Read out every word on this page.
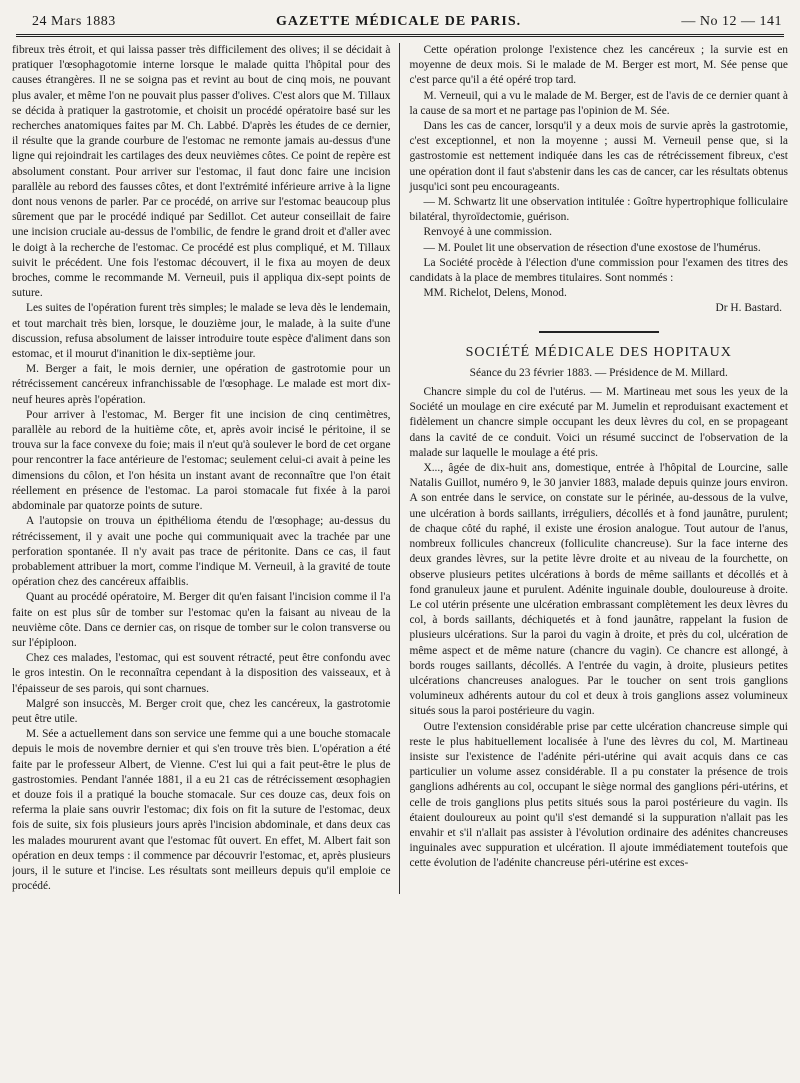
24 Mars 1883	GAZETTE MÉDICALE DE PARIS.	— No 12 — 141

fibreux très étroit, et qui laissa passer très difficilement des olives; il se décidait à pratiquer l'œsophagotomie interne lorsque le malade quitta l'hôpital pour des causes étrangères. Il ne se soigna pas et revint au bout de cinq mois, ne pouvant plus avaler, et même l'on ne pouvait plus passer d'olives. C'est alors que M. Tillaux se décida à pratiquer la gastrotomie, et choisit un procédé opératoire basé sur les recherches anatomiques faites par M. Ch. Labbé. D'après les études de ce dernier, il résulte que la grande courbure de l'estomac ne remonte jamais au-dessus d'une ligne qui rejoindrait les cartilages des deux neuvièmes côtes. Ce point de repère est absolument constant. Pour arriver sur l'estomac, il faut donc faire une incision parallèle au rebord des fausses côtes, et dont l'extrémité inférieure arrive à la ligne dont nous venons de parler. Par ce procédé, on arrive sur l'estomac beaucoup plus sûrement que par le procédé indiqué par Sedillot. Cet auteur conseillait de faire une incision cruciale au-dessus de l'ombilic, de fendre le grand droit et d'aller avec le doigt à la recherche de l'estomac. Ce procédé est plus compliqué, et M. Tillaux suivit le précédent. Une fois l'estomac découvert, il le fixa au moyen de deux broches, comme le recommande M. Verneuil, puis il appliqua dix-sept points de suture.

Les suites de l'opération furent très simples; le malade se leva dès le lendemain, et tout marchait très bien, lorsque, le douzième jour, le malade, à la suite d'une discussion, refusa absolument de laisser introduire toute espèce d'aliment dans son estomac, et il mourut d'inanition le dix-septième jour.

M. Berger a fait, le mois dernier, une opération de gastrotomie pour un rétrécissement cancéreux infranchissable de l'œsophage. Le malade est mort dix-neuf heures après l'opération.

Pour arriver à l'estomac, M. Berger fit une incision de cinq centimètres, parallèle au rebord de la huitième côte, et, après avoir incisé le péritoine, il se trouva sur la face convexe du foie; mais il n'eut qu'à soulever le bord de cet organe pour rencontrer la face antérieure de l'estomac; seulement celui-ci avait à peine les dimensions du côlon, et l'on hésita un instant avant de reconnaître que l'on était réellement en présence de l'estomac. La paroi stomacale fut fixée à la paroi abdominale par quatorze points de suture.

A l'autopsie on trouva un épithélioma étendu de l'œsophage; au-dessus du rétrécissement, il y avait une poche qui communiquait avec la trachée par une perforation spontanée. Il n'y avait pas trace de péritonite. Dans ce cas, il faut probablement attribuer la mort, comme l'indique M. Verneuil, à la gravité de toute opération chez des cancéreux affaiblis.

Quant au procédé opératoire, M. Berger dit qu'en faisant l'incision comme il l'a faite on est plus sûr de tomber sur l'estomac qu'en la faisant au niveau de la neuvième côte. Dans ce dernier cas, on risque de tomber sur le colon transverse ou sur l'épiploon.

Chez ces malades, l'estomac, qui est souvent rétracté, peut être confondu avec le gros intestin. On le reconnaîtra cependant à la disposition des vaisseaux, et à l'épaisseur de ses parois, qui sont charnues.

Malgré son insuccès, M. Berger croit que, chez les cancéreux, la gastrotomie peut être utile.

M. Sée a actuellement dans son service une femme qui a une bouche stomacale depuis le mois de novembre dernier et qui s'en trouve très bien. L'opération a été faite par le professeur Albert, de Vienne. C'est lui qui a fait peut-être le plus de gastrostomies. Pendant l'année 1881, il a eu 21 cas de rétrécissement œsophagien et douze fois il a pratiqué la bouche stomacale. Sur ces douze cas, deux fois on referma la plaie sans ouvrir l'estomac; dix fois on fit la suture de l'estomac, deux fois de suite, six fois plusieurs jours après l'incision abdominale, et dans deux cas les malades moururent avant que l'estomac fût ouvert. En effet, M. Albert fait son opération en deux temps : il commence par découvrir l'estomac, et, après plusieurs jours, il le suture et l'incise. Les résultats sont meilleurs depuis qu'il emploie ce procédé.

Cette opération prolonge l'existence chez les cancéreux ; la survie est en moyenne de deux mois. Si le malade de M. Berger est mort, M. Sée pense que c'est parce qu'il a été opéré trop tard.

M. Verneuil, qui a vu le malade de M. Berger, est de l'avis de ce dernier quant à la cause de sa mort et ne partage pas l'opinion de M. Sée.

Dans les cas de cancer, lorsqu'il y a deux mois de survie après la gastrotomie, c'est exceptionnel, et non la moyenne ; aussi M. Verneuil pense que, si la gastrostomie est nettement indiquée dans les cas de rétrécissement fibreux, c'est une opération dont il faut s'abstenir dans les cas de cancer, car les résultats obtenus jusqu'ici sont peu encourageants.

— M. Schwartz lit une observation intitulée : Goître hypertrophique folliculaire bilatéral, thyroïdectomie, guérison.

Renvoyé à une commission.

— M. Poulet lit une observation de résection d'une exostose de l'humérus.

La Société procède à l'élection d'une commission pour l'examen des titres des candidats à la place de membres titulaires. Sont nommés :

MM. Richelot, Delens, Monod.

Dr H. Bastard.

SOCIÉTÉ MÉDICALE DES HOPITAUX
Séance du 23 février 1883. — Présidence de M. Millard.

Chancre simple du col de l'utérus. — M. Martineau met sous les yeux de la Société un moulage en cire exécuté par M. Jumelin et reproduisant exactement et fidèlement un chancre simple occupant les deux lèvres du col, en se propageant dans la cavité de ce conduit. Voici un résumé succinct de l'observation de la malade sur laquelle le moulage a été pris.

X..., âgée de dix-huit ans, domestique, entrée à l'hôpital de Lourcine, salle Natalis Guillot, numéro 9, le 30 janvier 1883, malade depuis quinze jours environ. A son entrée dans le service, on constate sur le périnée, au-dessous de la vulve, une ulcération à bords saillants, irréguliers, décollés et à fond jaunâtre, purulent; de chaque côté du raphé, il existe une érosion analogue. Tout autour de l'anus, nombreux follicules chancreux (folliculite chancreuse). Sur la face interne des deux grandes lèvres, sur la petite lèvre droite et au niveau de la fourchette, on observe plusieurs petites ulcérations à bords de même saillants et décollés et à fond granuleux jaune et purulent. Adénite inguinale double, douloureuse à droite. Le col utérin présente une ulcération embrassant complètement les deux lèvres du col, à bords saillants, déchiquetés et à fond jaunâtre, rappelant la fusion de plusieurs ulcérations. Sur la paroi du vagin à droite, et près du col, ulcération de même aspect et de même nature (chancre du vagin). Ce chancre est allongé, à bords rouges saillants, décollés. A l'entrée du vagin, à droite, plusieurs petites ulcérations chancreuses analogues. Par le toucher on sent trois ganglions volumineux adhérents autour du col et deux à trois ganglions assez volumineux situés sous la paroi postérieure du vagin.

Outre l'extension considérable prise par cette ulcération chancreuse simple qui reste le plus habituellement localisée à l'une des lèvres du col, M. Martineau insiste sur l'existence de l'adénite péri-utérine qui avait acquis dans ce cas particulier un volume assez considérable. Il a pu constater la présence de trois ganglions adhérents au col, occupant le siège normal des ganglions péri-utérins, et celle de trois ganglions plus petits situés sous la paroi postérieure du vagin. Ils étaient douloureux au point qu'il s'est demandé si la suppuration n'allait pas les envahir et s'il n'allait pas assister à l'évolution ordinaire des adénites chancreuses inguinales avec suppuration et ulcération. Il ajoute immédiatement toutefois que cette évolution de l'adénite chancreuse péri-utérine est exces-
